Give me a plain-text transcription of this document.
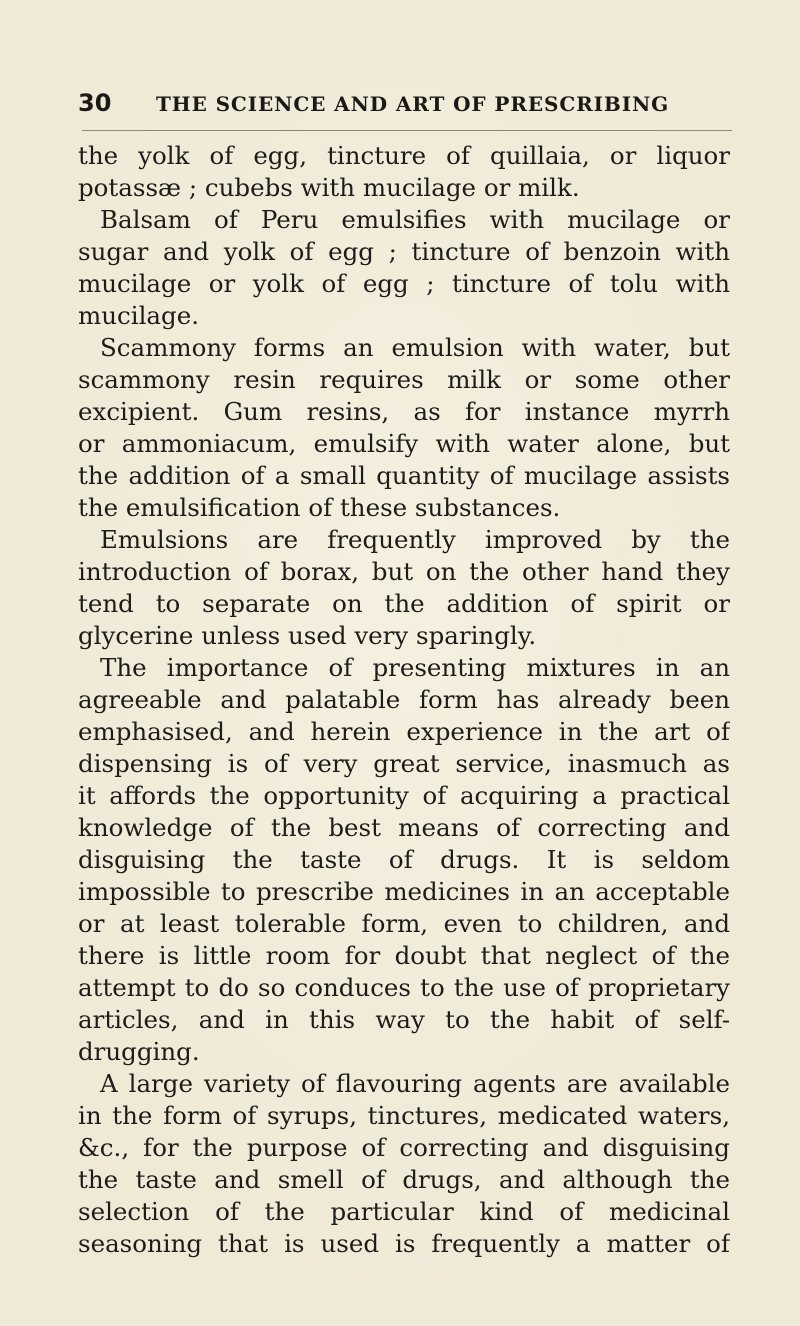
30 THE SCIENCE AND ART OF PRESCRIBING
the yolk of egg, tincture of quillaia, or liquor
potassæ ; cubebs with mucilage or milk.
Balsam of Peru emulsifies with mucilage or
sugar and yolk of egg ; tincture of benzoin with
mucilage or yolk of egg ; tincture of tolu with
mucilage.
Scammony forms an emulsion with water, but
scammony resin requires milk or some other
excipient. Gum resins, as for instance myrrh
or ammoniacum, emulsify with water alone, but
the addition of a small quantity of mucilage assists
the emulsification of these substances.
Emulsions are frequently improved by the
introduction of borax, but on the other hand they
tend to separate on the addition of spirit or
glycerine unless used very sparingly.
The importance of presenting mixtures in an
agreeable and palatable form has already been
emphasised, and herein experience in the art of
dispensing is of very great service, inasmuch as
it affords the opportunity of acquiring a practical
knowledge of the best means of correcting and
disguising the taste of drugs. It is seldom
impossible to prescribe medicines in an acceptable
or at least tolerable form, even to children, and
there is little room for doubt that neglect of the
attempt to do so conduces to the use of proprietary
articles, and in this way to the habit of self-
drugging.
A large variety of flavouring agents are available
in the form of syrups, tinctures, medicated waters,
&c., for the purpose of correcting and disguising
the taste and smell of drugs, and although the
selection of the particular kind of medicinal
seasoning that is used is frequently a matter of
